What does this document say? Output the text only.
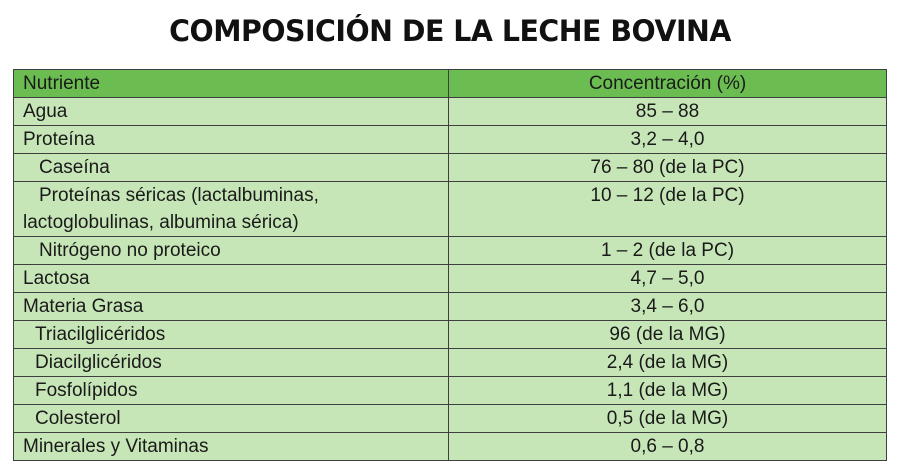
COMPOSICIÓN DE LA LECHE BOVINA
Nutriente	Concentración (%)
Agua	85 – 88
Proteína	3,2 – 4,0
Caseína	76 – 80 (de la PC)

Proteínas séricas (lactalbuminas,
lactoglobulinas, albumina sérica)	10 – 12 (de la PC)
Nitrógeno no proteico	1 – 2 (de la PC)
Lactosa	4,7 – 5,0
Materia Grasa	3,4 – 6,0
Triacilglicéridos	96 (de la MG)
Diacilglicéridos	2,4 (de la MG)
Fosfolípidos	1,1 (de la MG)
Colesterol	0,5 (de la MG)
Minerales y Vitaminas	0,6 – 0,8
